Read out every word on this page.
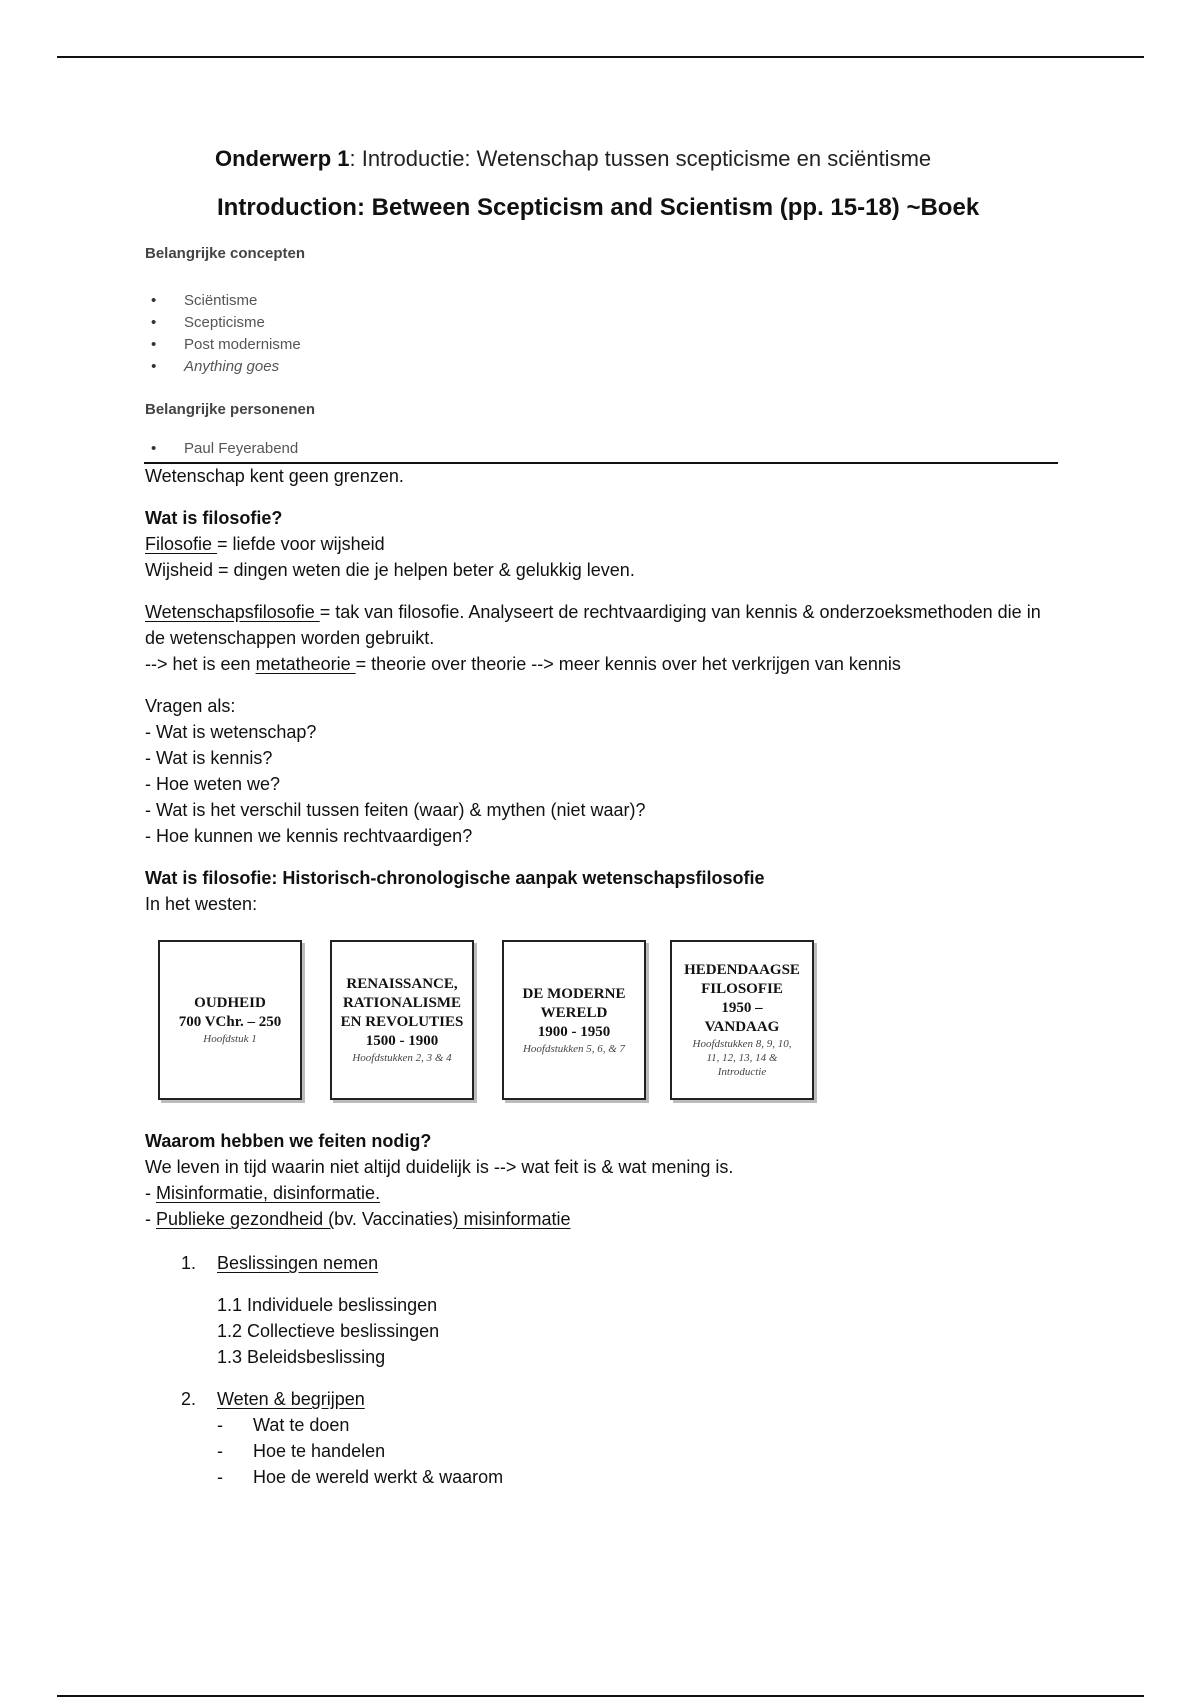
Onderwerp 1: Introductie: Wetenschap tussen scepticisme en sciëntisme
Introduction: Between Scepticism and Scientism (pp. 15-18) ~Boek
Belangrijke concepten
• Sciëntisme
• Scepticisme
• Post modernisme
• Anything goes
Belangrijke personenen
• Paul Feyerabend

Wetenschap kent geen grenzen.

Wat is filosofie?

Filosofie = liefde voor wijsheid

Wijsheid = dingen weten die je helpen beter & gelukkig leven.

Wetenschapsfilosofie = tak van filosofie. Analyseert de rechtvaardiging van kennis & onderzoeksmethoden die in de wetenschappen worden gebruikt.

--> het is een metatheorie = theorie over theorie --> meer kennis over het verkrijgen van kennis

Vragen als:

- Wat is wetenschap?

- Wat is kennis?

- Hoe weten we?

- Wat is het verschil tussen feiten (waar) & mythen (niet waar)?

- Hoe kunnen we kennis rechtvaardigen?

Wat is filosofie: Historisch-chronologische aanpak wetenschapsfilosofie

In het westen:

OUDHEID
700 VChr. – 250
Hoofdstuk 1
RENAISSANCE,
RATIONALISME
EN REVOLUTIES
1500 - 1900
Hoofdstukken 2, 3 & 4
DE MODERNE
WERELD
1900 - 1950
Hoofdstukken 5, 6, & 7
HEDENDAAGSE
FILOSOFIE
1950 –
VANDAAG
Hoofdstukken 8, 9, 10,
11, 12, 13, 14 &
Introductie

Waarom hebben we feiten nodig?

We leven in tijd waarin niet altijd duidelijk is --> wat feit is & wat mening is.

- Misinformatie, disinformatie.

- Publieke gezondheid (bv. Vaccinaties) misinformatie

1. Beslissingen nemen

1.1 Individuele beslissingen

1.2 Collectieve beslissingen

1.3 Beleidsbeslissing

2. Weten & begrijpen

- Wat te doen

- Hoe te handelen

- Hoe de wereld werkt & waarom
